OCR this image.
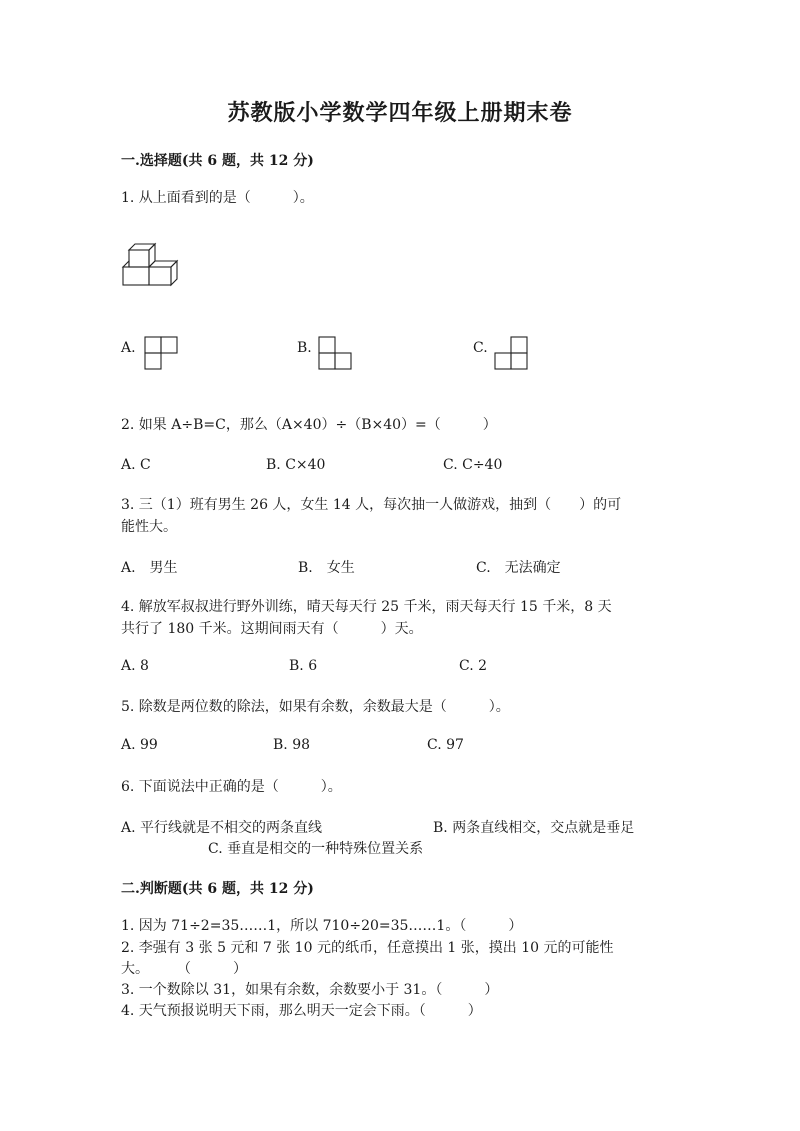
苏教版小学数学四年级上册期末卷
一.选择题(共 6 题，共 12 分)
1. 从上面看到的是（　　　）。
A.	B.	C.
2. 如果 A÷B=C，那么（A×40）÷（B×40）=（　　　）
A. C	B. C×40	C. C÷40
3. 三（1）班有男生 26 人，女生 14 人，每次抽一人做游戏，抽到（　　）的可
能性大。
A.　男生	B.　女生	C.　无法确定
4. 解放军叔叔进行野外训练，晴天每天行 25 千米，雨天每天行 15 千米，8 天
共行了 180 千米。这期间雨天有（　　　）天。
A. 8	B. 6	C. 2
5. 除数是两位数的除法，如果有余数，余数最大是（　　　）。
A. 99	B. 98	C. 97
6. 下面说法中正确的是（　　　）。
A. 平行线就是不相交的两条直线	B. 两条直线相交，交点就是垂足
C. 垂直是相交的一种特殊位置关系
二.判断题(共 6 题，共 12 分)
1. 因为 71÷2=35……1，所以 710÷20=35……1。（　　　）
2. 李强有 3 张 5 元和 7 张 10 元的纸币，任意摸出 1 张，摸出 10 元的可能性
大。　　　（　　　）
3. 一个数除以 31，如果有余数，余数要小于 31。（　　　）
4. 天气预报说明天下雨，那么明天一定会下雨。（　　　）
